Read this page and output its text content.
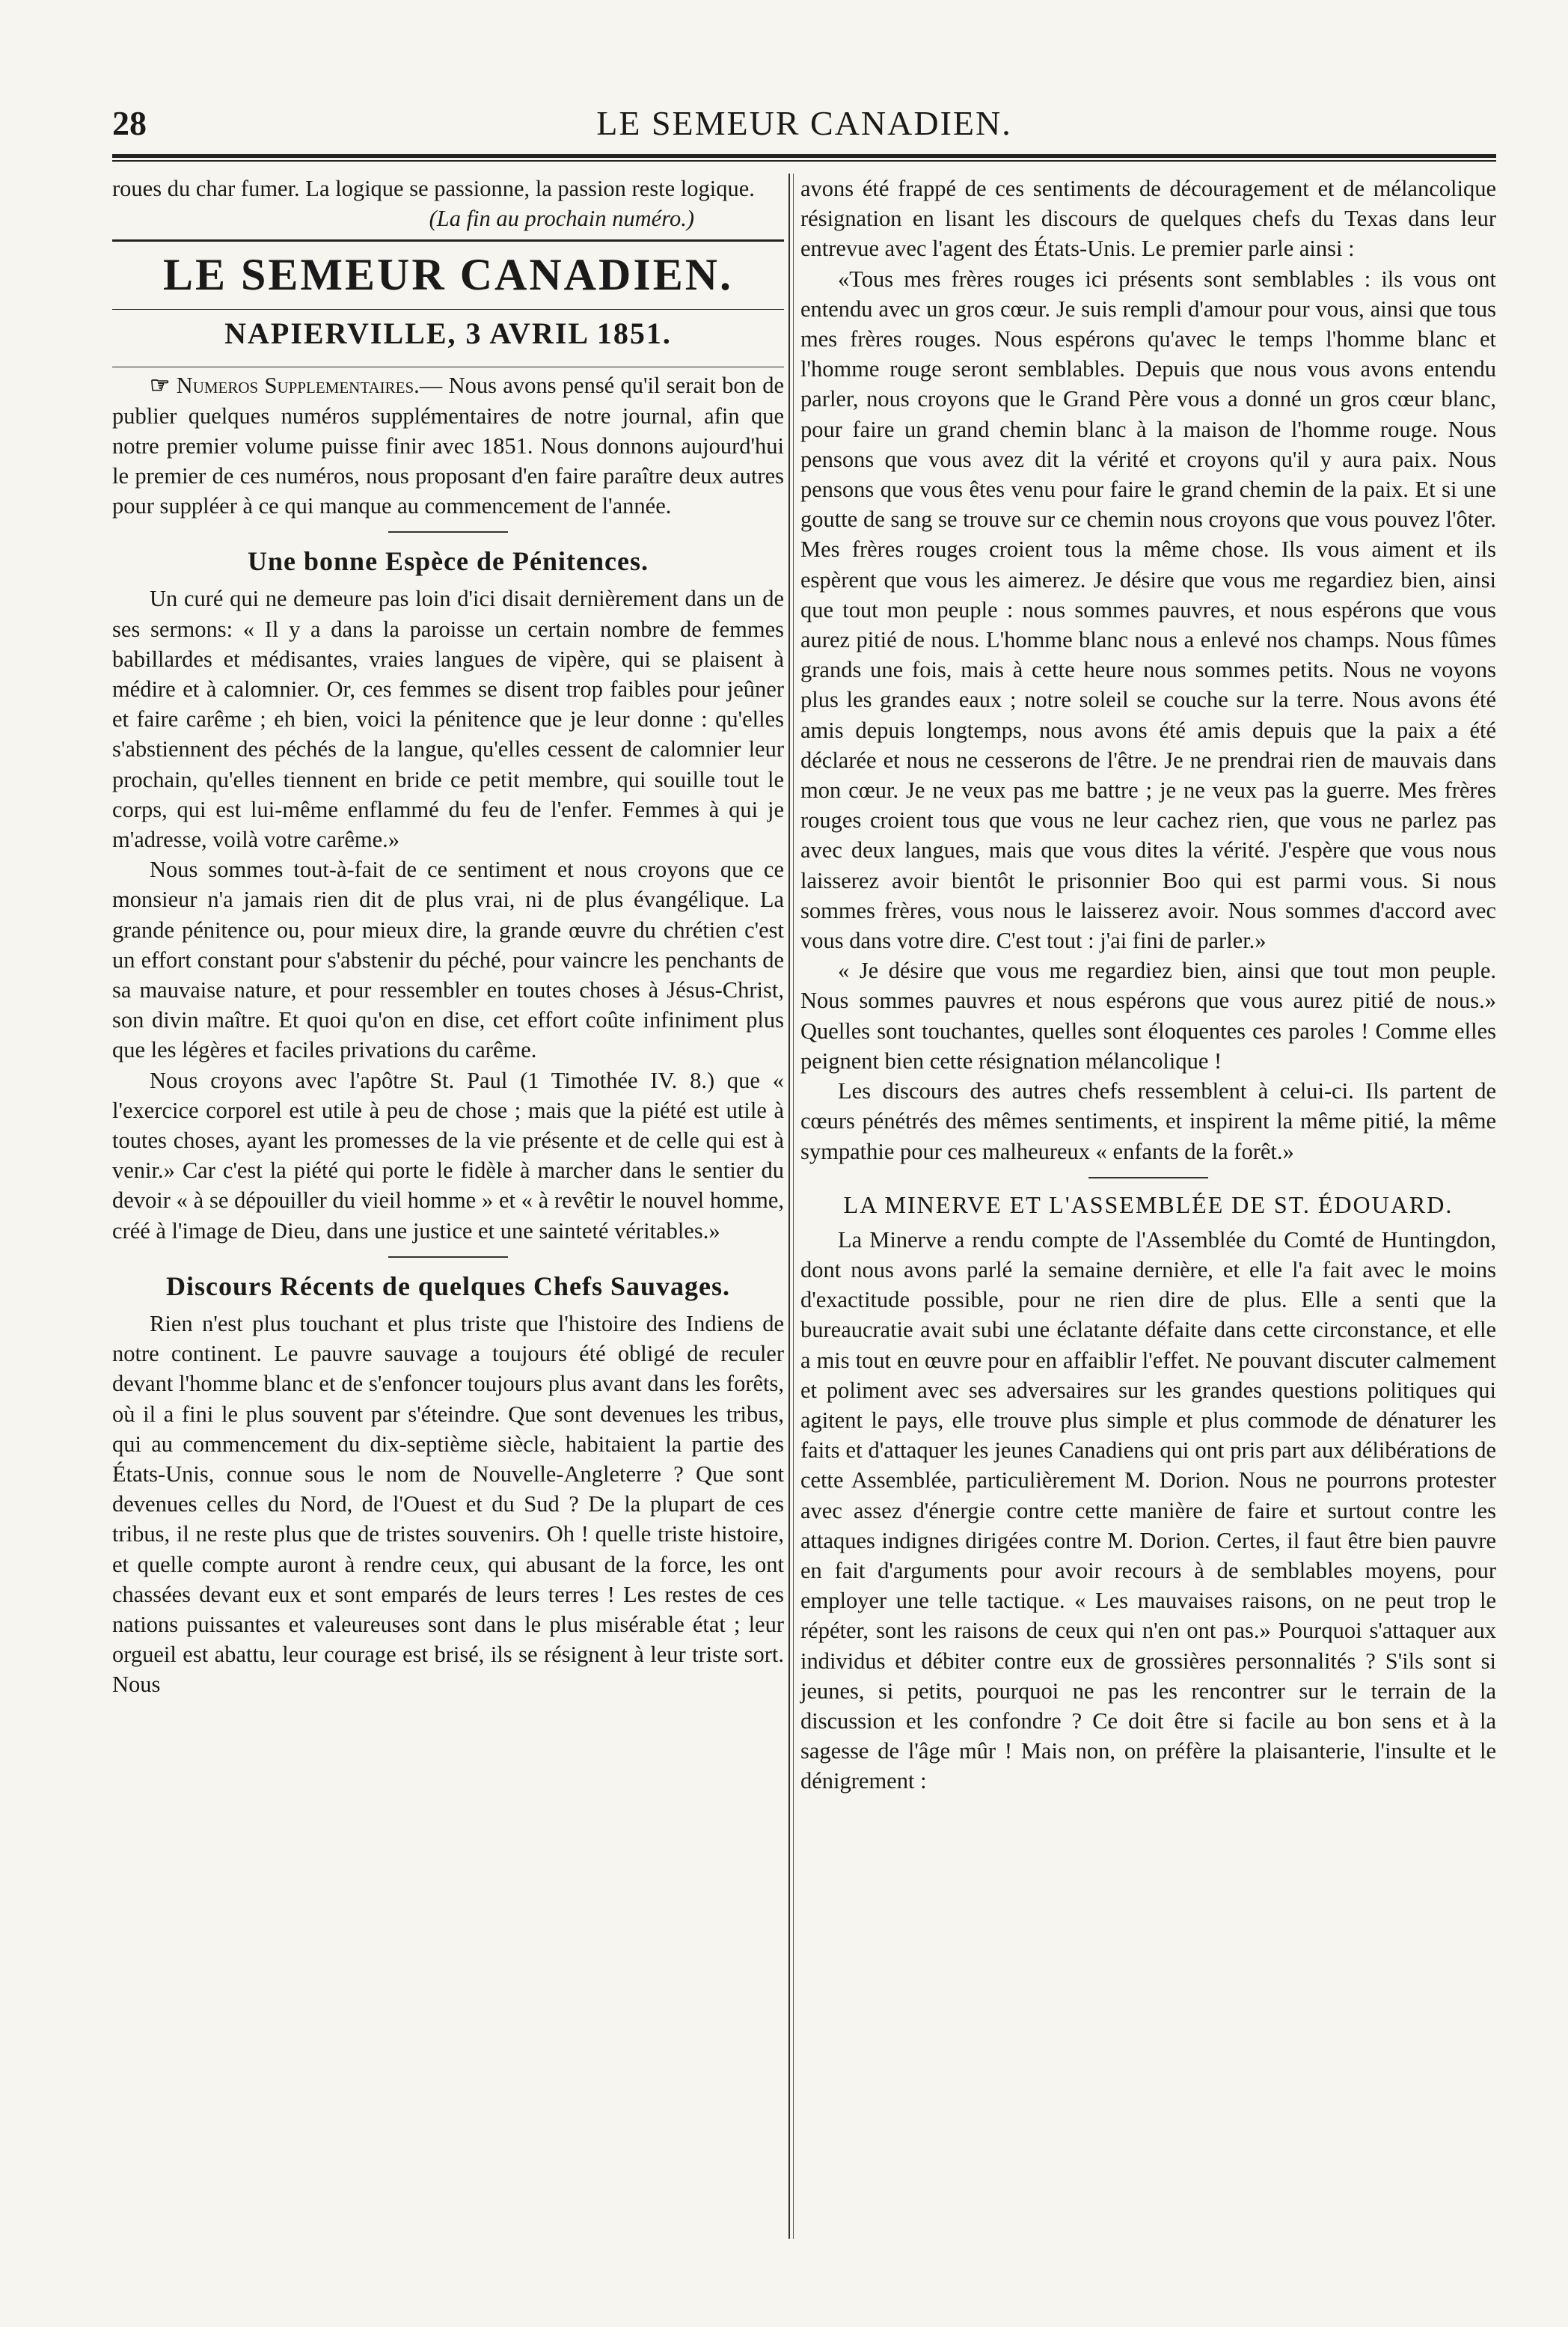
28	LE SEMEUR CANADIEN.

roues du char fumer. La logique se passionne, la passion reste logique.

(La fin au prochain numéro.)

LE SEMEUR CANADIEN.
NAPIERVILLE, 3 AVRIL 1851.

☞ Numeros Supplementaires.— Nous avons pensé qu'il serait bon de publier quelques numéros supplémentaires de notre journal, afin que notre premier volume puisse finir avec 1851. Nous donnons aujourd'hui le premier de ces numéros, nous proposant d'en faire paraître deux autres pour suppléer à ce qui manque au commencement de l'année.

Une bonne Espèce de Pénitences.

Un curé qui ne demeure pas loin d'ici disait dernièrement dans un de ses sermons: « Il y a dans la paroisse un certain nombre de femmes babillardes et médisantes, vraies langues de vipère, qui se plaisent à médire et à calomnier. Or, ces femmes se disent trop faibles pour jeûner et faire carême ; eh bien, voici la pénitence que je leur donne : qu'elles s'abstiennent des péchés de la langue, qu'elles cessent de calomnier leur prochain, qu'elles tiennent en bride ce petit membre, qui souille tout le corps, qui est lui-même enflammé du feu de l'enfer. Femmes à qui je m'adresse, voilà votre carême.»

Nous sommes tout-à-fait de ce sentiment et nous croyons que ce monsieur n'a jamais rien dit de plus vrai, ni de plus évangélique. La grande pénitence ou, pour mieux dire, la grande œuvre du chrétien c'est un effort constant pour s'abstenir du péché, pour vaincre les penchants de sa mauvaise nature, et pour ressembler en toutes choses à Jésus-Christ, son divin maître. Et quoi qu'on en dise, cet effort coûte infiniment plus que les légères et faciles privations du carême.

Nous croyons avec l'apôtre St. Paul (1 Timothée IV. 8.) que « l'exercice corporel est utile à peu de chose ; mais que la piété est utile à toutes choses, ayant les promesses de la vie présente et de celle qui est à venir.» Car c'est la piété qui porte le fidèle à marcher dans le sentier du devoir « à se dépouiller du vieil homme » et « à revêtir le nouvel homme, créé à l'image de Dieu, dans une justice et une sainteté véritables.»

Discours Récents de quelques Chefs Sauvages.

Rien n'est plus touchant et plus triste que l'histoire des Indiens de notre continent. Le pauvre sauvage a toujours été obligé de reculer devant l'homme blanc et de s'enfoncer toujours plus avant dans les forêts, où il a fini le plus souvent par s'éteindre. Que sont devenues les tribus, qui au commencement du dix-septième siècle, habitaient la partie des États-Unis, connue sous le nom de Nouvelle-Angleterre ? Que sont devenues celles du Nord, de l'Ouest et du Sud ? De la plupart de ces tribus, il ne reste plus que de tristes souvenirs. Oh ! quelle triste histoire, et quelle compte auront à rendre ceux, qui abusant de la force, les ont chassées devant eux et sont emparés de leurs terres ! Les restes de ces nations puissantes et valeureuses sont dans le plus misérable état ; leur orgueil est abattu, leur courage est brisé, ils se résignent à leur triste sort. Nous

avons été frappé de ces sentiments de découragement et de mélancolique résignation en lisant les discours de quelques chefs du Texas dans leur entrevue avec l'agent des États-Unis. Le premier parle ainsi :

«Tous mes frères rouges ici présents sont semblables : ils vous ont entendu avec un gros cœur. Je suis rempli d'amour pour vous, ainsi que tous mes frères rouges. Nous espérons qu'avec le temps l'homme blanc et l'homme rouge seront semblables. Depuis que nous vous avons entendu parler, nous croyons que le Grand Père vous a donné un gros cœur blanc, pour faire un grand chemin blanc à la maison de l'homme rouge. Nous pensons que vous avez dit la vérité et croyons qu'il y aura paix. Nous pensons que vous êtes venu pour faire le grand chemin de la paix. Et si une goutte de sang se trouve sur ce chemin nous croyons que vous pouvez l'ôter. Mes frères rouges croient tous la même chose. Ils vous aiment et ils espèrent que vous les aimerez. Je désire que vous me regardiez bien, ainsi que tout mon peuple : nous sommes pauvres, et nous espérons que vous aurez pitié de nous. L'homme blanc nous a enlevé nos champs. Nous fûmes grands une fois, mais à cette heure nous sommes petits. Nous ne voyons plus les grandes eaux ; notre soleil se couche sur la terre. Nous avons été amis depuis longtemps, nous avons été amis depuis que la paix a été déclarée et nous ne cesserons de l'être. Je ne prendrai rien de mauvais dans mon cœur. Je ne veux pas me battre ; je ne veux pas la guerre. Mes frères rouges croient tous que vous ne leur cachez rien, que vous ne parlez pas avec deux langues, mais que vous dites la vérité. J'espère que vous nous laisserez avoir bientôt le prisonnier Boo qui est parmi vous. Si nous sommes frères, vous nous le laisserez avoir. Nous sommes d'accord avec vous dans votre dire. C'est tout : j'ai fini de parler.»

« Je désire que vous me regardiez bien, ainsi que tout mon peuple. Nous sommes pauvres et nous espérons que vous aurez pitié de nous.» Quelles sont touchantes, quelles sont éloquentes ces paroles ! Comme elles peignent bien cette résignation mélancolique !

Les discours des autres chefs ressemblent à celui-ci. Ils partent de cœurs pénétrés des mêmes sentiments, et inspirent la même pitié, la même sympathie pour ces malheureux « enfants de la forêt.»

LA MINERVE ET L'ASSEMBLÉE DE ST. ÉDOUARD.

La Minerve a rendu compte de l'Assemblée du Comté de Huntingdon, dont nous avons parlé la semaine dernière, et elle l'a fait avec le moins d'exactitude possible, pour ne rien dire de plus. Elle a senti que la bureaucratie avait subi une éclatante défaite dans cette circonstance, et elle a mis tout en œuvre pour en affaiblir l'effet. Ne pouvant discuter calmement et poliment avec ses adversaires sur les grandes questions politiques qui agitent le pays, elle trouve plus simple et plus commode de dénaturer les faits et d'attaquer les jeunes Canadiens qui ont pris part aux délibérations de cette Assemblée, particulièrement M. Dorion. Nous ne pourrons protester avec assez d'énergie contre cette manière de faire et surtout contre les attaques indignes dirigées contre M. Dorion. Certes, il faut être bien pauvre en fait d'arguments pour avoir recours à de semblables moyens, pour employer une telle tactique. « Les mauvaises raisons, on ne peut trop le répéter, sont les raisons de ceux qui n'en ont pas.» Pourquoi s'attaquer aux individus et débiter contre eux de grossières personnalités ? S'ils sont si jeunes, si petits, pourquoi ne pas les rencontrer sur le terrain de la discussion et les confondre ? Ce doit être si facile au bon sens et à la sagesse de l'âge mûr ! Mais non, on préfère la plaisanterie, l'insulte et le dénigrement :
